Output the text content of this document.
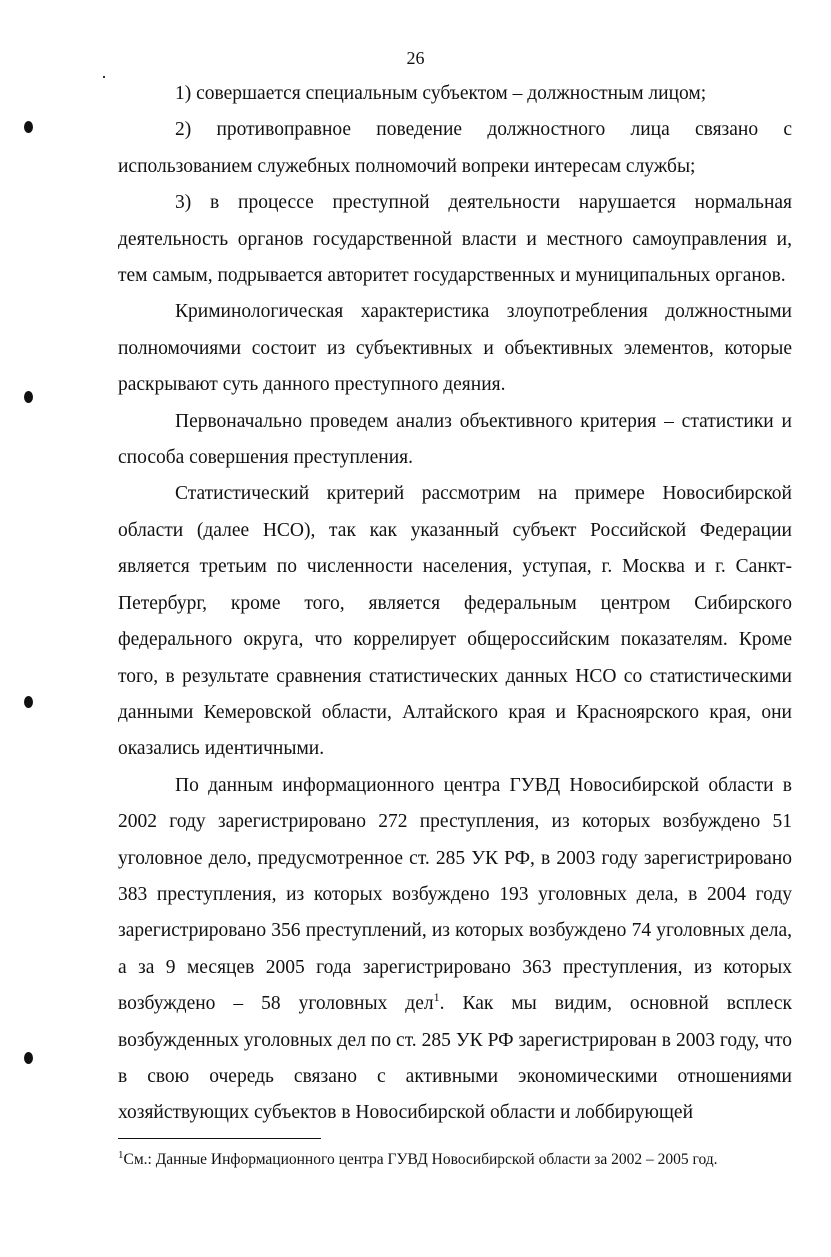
26

1) совершается специальным субъектом – должностным лицом;

2) противоправное поведение должностного лица связано с использованием служебных полномочий вопреки интересам службы;

3) в процессе преступной деятельности нарушается нормальная деятельность органов государственной власти и местного самоуправления и, тем самым, подрывается авторитет государственных и муниципальных органов.

Криминологическая характеристика злоупотребления должностными полномочиями состоит из субъективных и объективных элементов, которые раскрывают суть данного преступного деяния.

Первоначально проведем анализ объективного критерия – статистики и способа совершения преступления.

Статистический критерий рассмотрим на примере Новосибирской области (далее НСО), так как указанный субъект Российской Федерации является третьим по численности населения, уступая, г. Москва и г. Санкт-Петербург, кроме того, является федеральным центром Сибирского федерального округа, что коррелирует общероссийским показателям. Кроме того, в результате сравнения статистических данных НСО со статистическими данными Кемеровской области, Алтайского края и Красноярского края, они оказались идентичными.

По данным информационного центра ГУВД Новосибирской области в 2002 году зарегистрировано 272 преступления, из которых возбуждено 51 уголовное дело, предусмотренное ст. 285 УК РФ, в 2003 году зарегистрировано 383 преступления, из которых возбуждено 193 уголовных дела, в 2004 году зарегистрировано 356 преступлений, из которых возбуждено 74 уголовных дела, а за 9 месяцев 2005 года зарегистрировано 363 преступления, из которых возбуждено – 58 уголовных дел$^1$. Как мы видим, основной всплеск возбужденных уголовных дел по ст. 285 УК РФ зарегистрирован в 2003 году, что в свою очередь связано с активными экономическими отношениями хозяйствующих субъектов в Новосибирской области и лоббирующей

$^1$См.: Данные Информационного центра ГУВД Новосибирской области за 2002 – 2005 год.
